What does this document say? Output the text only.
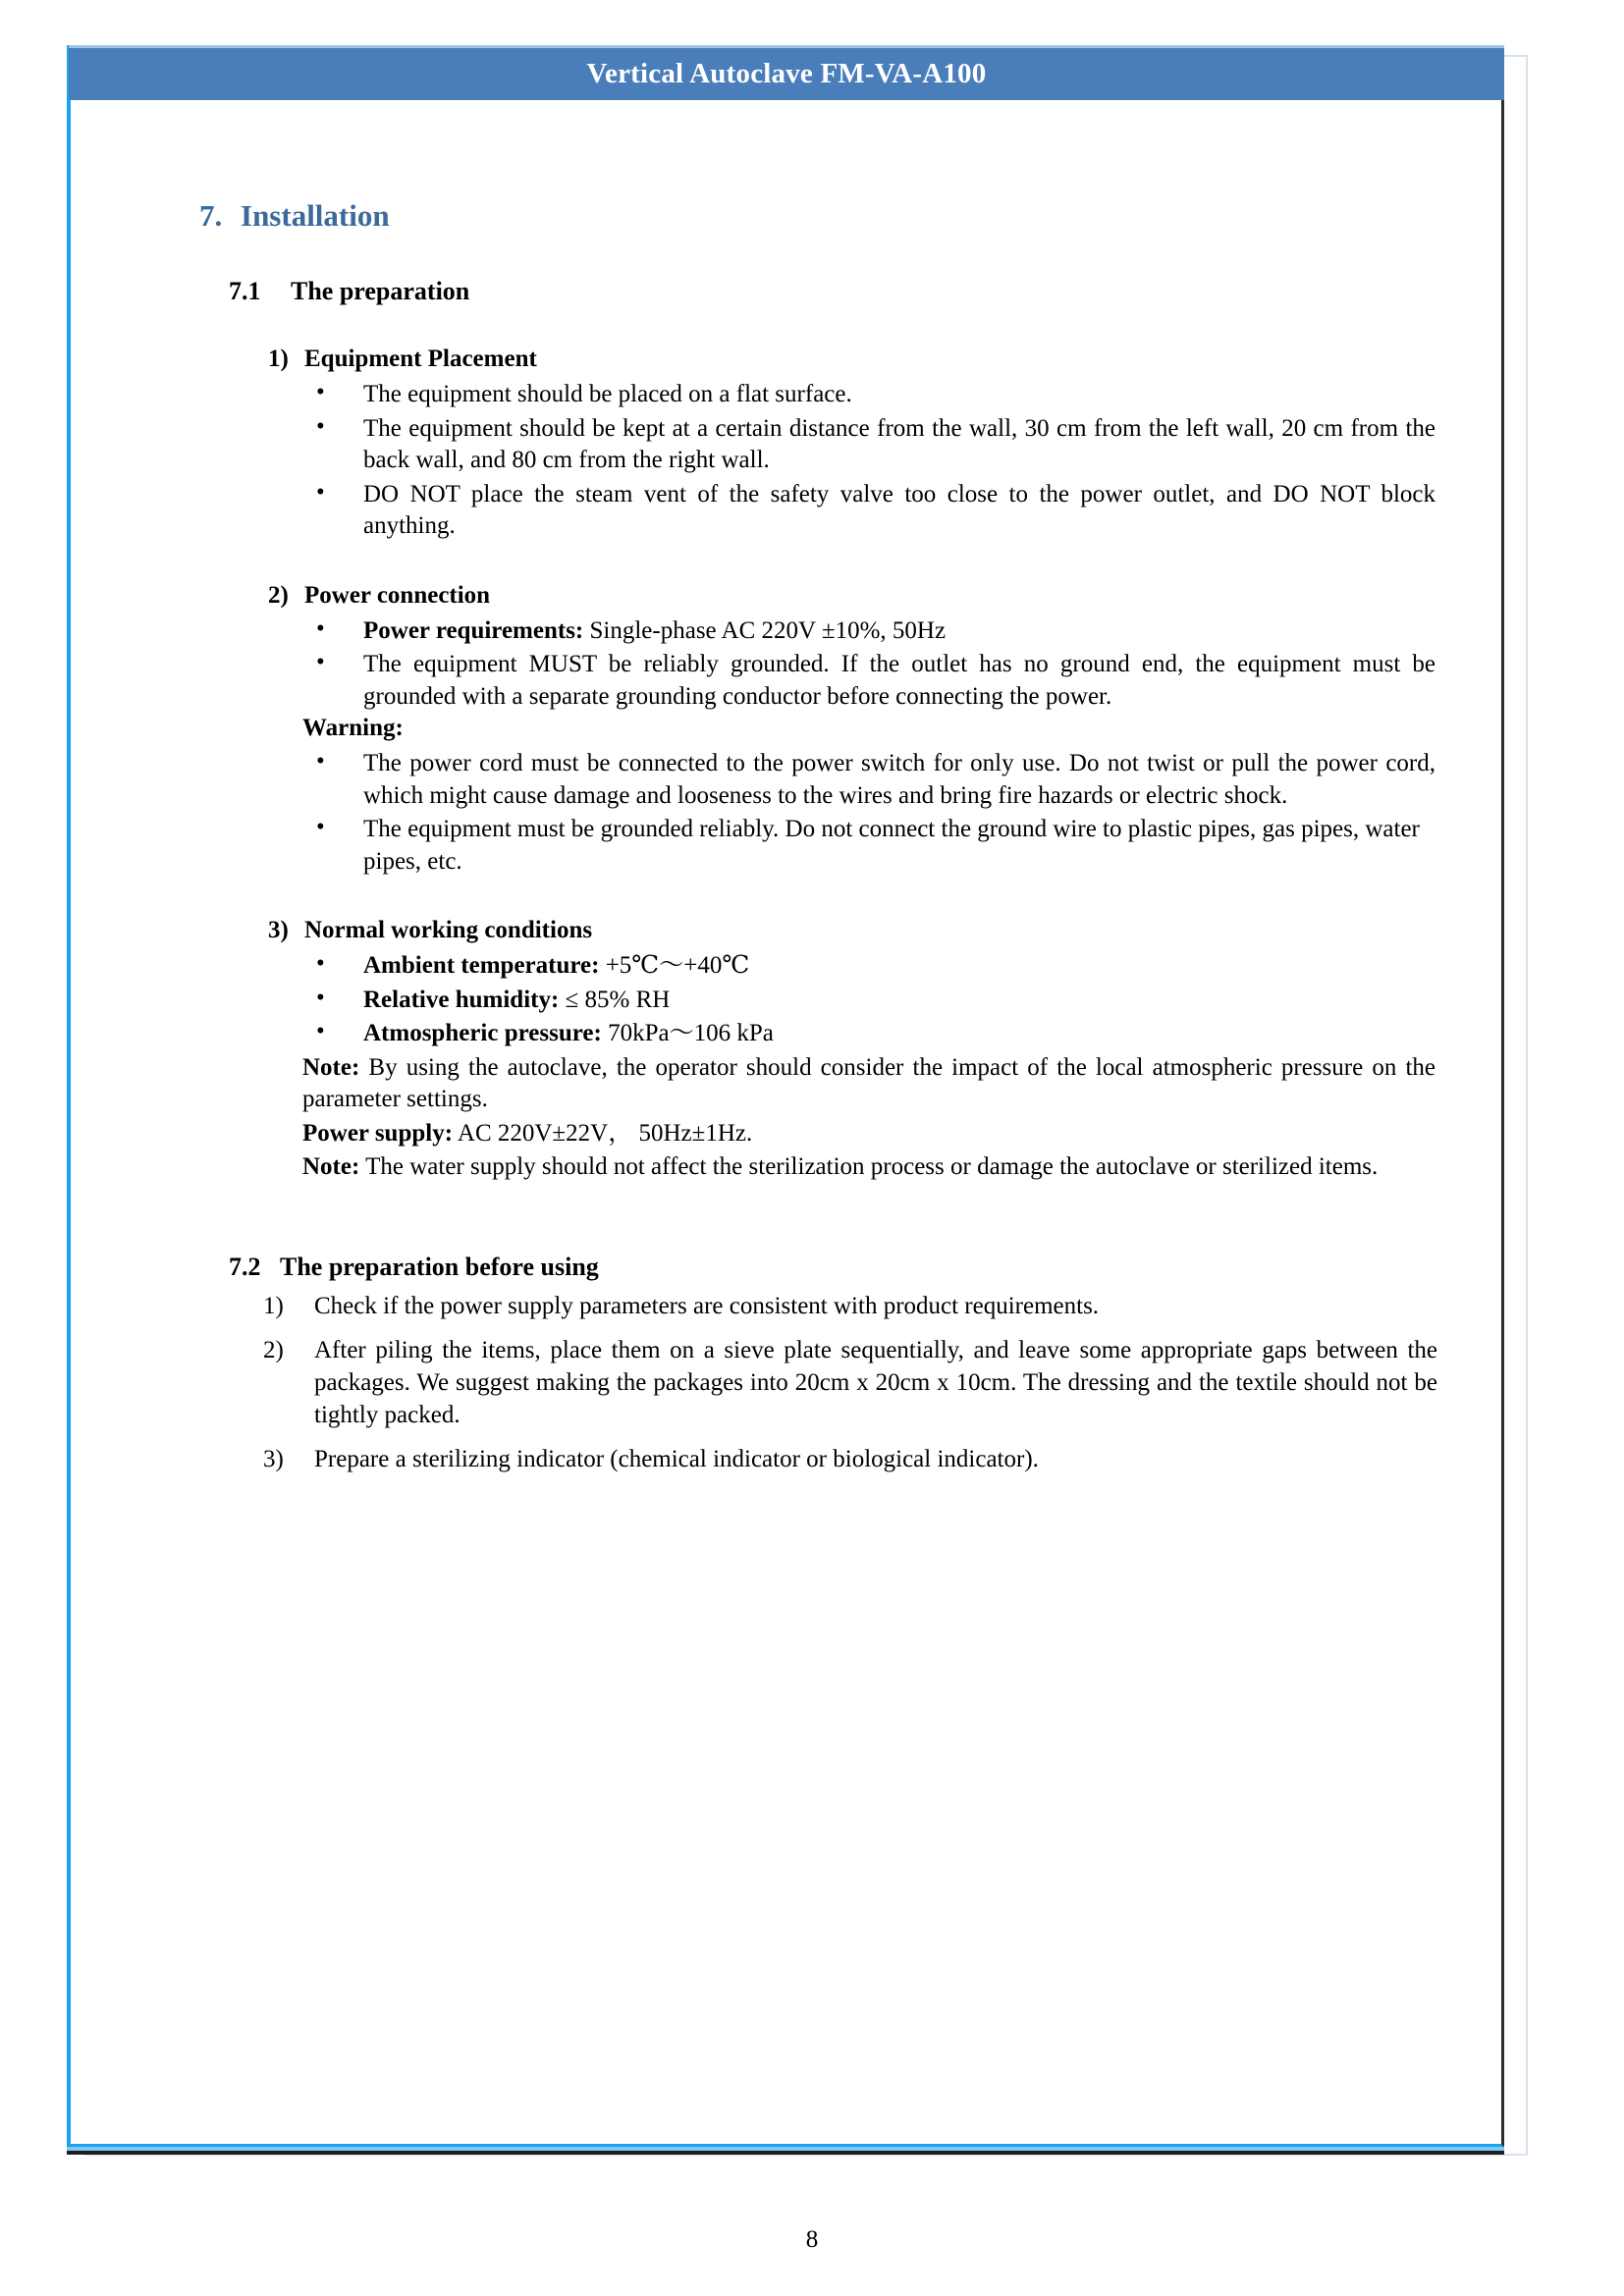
Vertical Autoclave FM-VA-A100
7. Installation
7.1 The preparation
1) Equipment Placement
• The equipment should be placed on a flat surface.
• The equipment should be kept at a certain distance from the wall, 30 cm from the left wall, 20 cm from the back wall, and 80 cm from the right wall.
• DO NOT place the steam vent of the safety valve too close to the power outlet, and DO NOT block anything.
2) Power connection
• Power requirements: Single-phase AC 220V ±10%, 50Hz
• The equipment MUST be reliably grounded. If the outlet has no ground end, the equipment must be grounded with a separate grounding conductor before connecting the power.
Warning:
• The power cord must be connected to the power switch for only use. Do not twist or pull the power cord, which might cause damage and looseness to the wires and bring fire hazards or electric shock.
• The equipment must be grounded reliably. Do not connect the ground wire to plastic pipes, gas pipes, water pipes, etc.
3) Normal working conditions
• Ambient temperature: +5℃～+40℃
• Relative humidity: ≤ 85% RH
• Atmospheric pressure: 70kPa～106 kPa
Note: By using the autoclave, the operator should consider the impact of the local atmospheric pressure on the parameter settings.
Power supply: AC 220V±22V， 50Hz±1Hz.
Note: The water supply should not affect the sterilization process or damage the autoclave or sterilized items.
7.2 The preparation before using
1) Check if the power supply parameters are consistent with product requirements.
2) After piling the items, place them on a sieve plate sequentially, and leave some appropriate gaps between the packages. We suggest making the packages into 20cm x 20cm x 10cm. The dressing and the textile should not be tightly packed.
3) Prepare a sterilizing indicator (chemical indicator or biological indicator).
8
